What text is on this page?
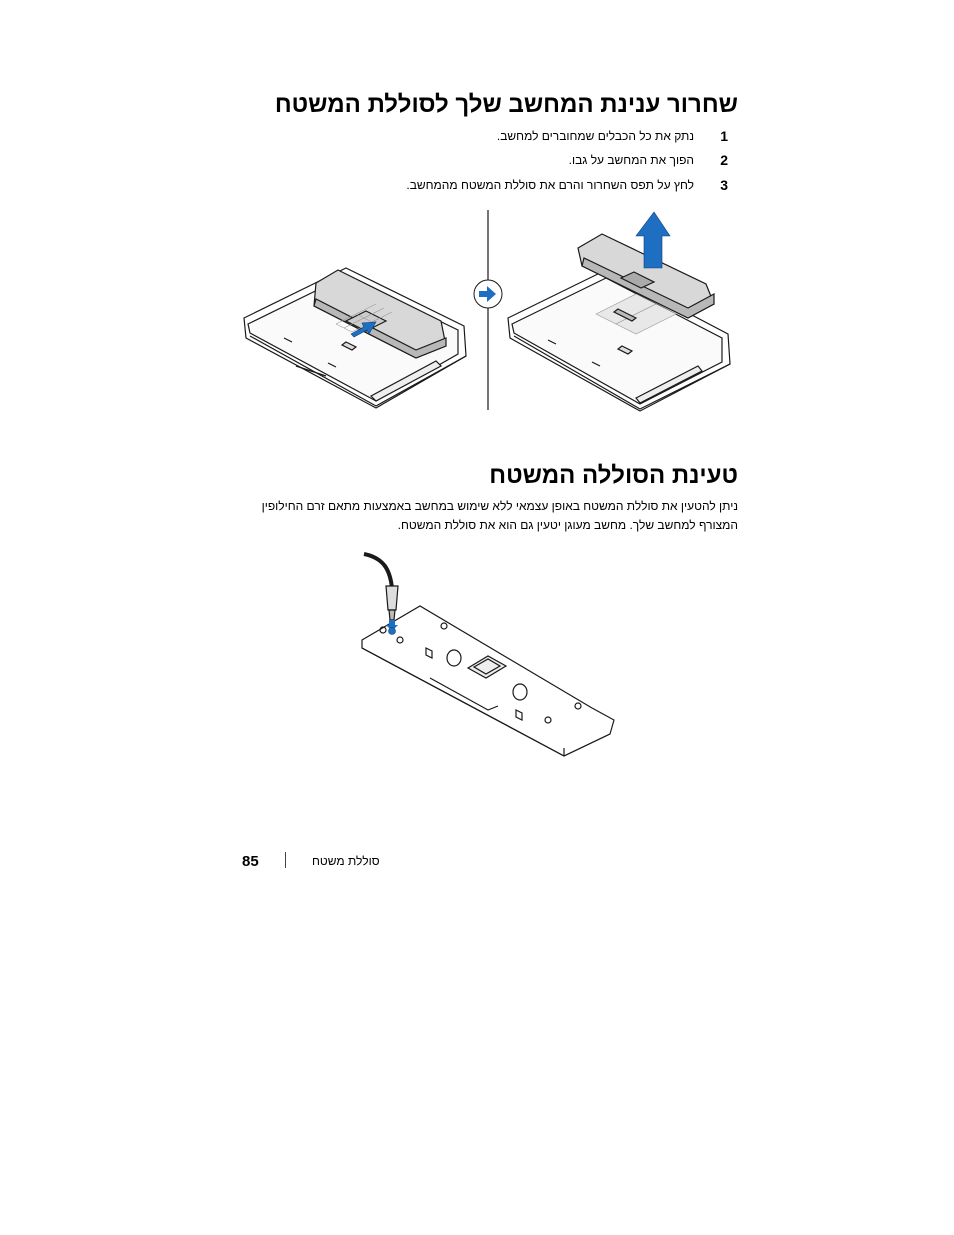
שחרור ענינת המחשב שלך לסוללת המשטח
1
נתק את כל הכבלים שמחוברים למחשב.
2
הפוך את המחשב על גבו.
3
לחץ על תפס השחרור והרם את סוללת המשטח מהמחשב.
טעינת הסוללה המשטח
ניתן להטעין את סוללת המשטח באופן עצמאי ללא שימוש במחשב באמצעות מתאם זרם החילופין
המצורף למחשב שלך. מחשב מעוגן יטעין גם הוא את סוללת המשטח.
85	סוללת משטח
